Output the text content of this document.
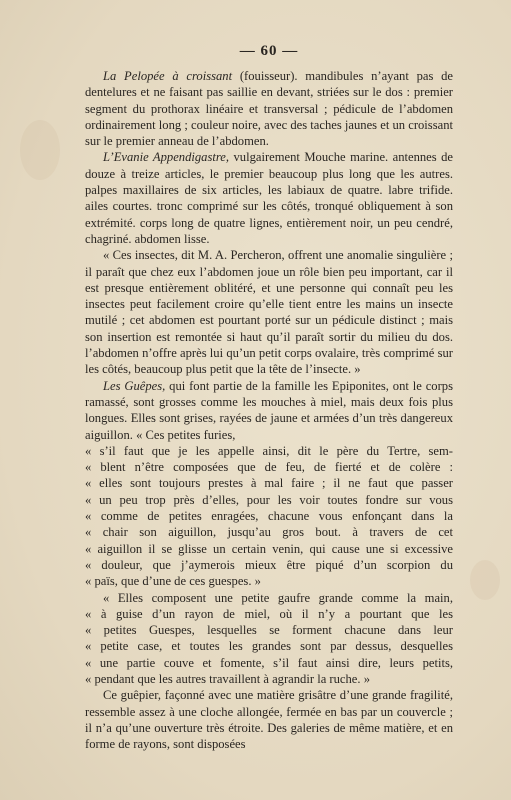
— 60 —

La Pelopée à croissant (fouisseur). mandibules n’ayant pas de dentelures et ne faisant pas saillie en devant, striées sur le dos : premier segment du prothorax linéaire et transversal ; pédicule de l’abdomen ordinairement long ; couleur noire, avec des taches jaunes et un croissant sur le premier anneau de l’abdomen.

L’Evanie Appendigastre, vulgairement Mouche marine. antennes de douze à treize articles, le premier beaucoup plus long que les autres. palpes maxillaires de six articles, les labiaux de quatre. labre trifide. ailes courtes. tronc comprimé sur les côtés, tronqué obliquement à son extrémité. corps long de quatre lignes, entièrement noir, un peu cendré, chagriné. abdomen lisse.

« Ces insectes, dit M. A. Percheron, offrent une anomalie singulière ; il paraît que chez eux l’abdomen joue un rôle bien peu important, car il est presque entièrement oblitéré, et une personne qui connaît peu les insectes peut facilement croire qu’elle tient entre les mains un insecte mutilé ; cet abdomen est pourtant porté sur un pédicule distinct ; mais son insertion est remontée si haut qu’il paraît sortir du milieu du dos. l’abdomen n’offre après lui qu’un petit corps ovalaire, très comprimé sur les côtés, beaucoup plus petit que la tête de l’insecte. »

Les Guêpes, qui font partie de la famille les Epiponites, ont le corps ramassé, sont grosses comme les mouches à miel, mais deux fois plus longues. Elles sont grises, rayées de jaune et armées d’un très dangereux aiguillon. « Ces petites furies,

« s’il faut que je les appelle ainsi, dit le père du Tertre, sem-

« blent n’être composées que de feu, de fierté et de colère :

« elles sont toujours prestes à mal faire ; il ne faut que passer

« un peu trop près d’elles, pour les voir toutes fondre sur vous

« comme de petites enragées, chacune vous enfonçant dans la

« chair son aiguillon, jusqu’au gros bout. à travers de cet

« aiguillon il se glisse un certain venin, qui cause une si excessive

« douleur, que j’aymerois mieux être piqué d’un scorpion du

« païs, que d’une de ces guespes. »

« Elles composent une petite gaufre grande comme la main,

« à guise d’un rayon de miel, où il n’y a pourtant que les

« petites Guespes, lesquelles se forment chacune dans leur

« petite case, et toutes les grandes sont par dessus, desquelles

« une partie couve et fomente, s’il faut ainsi dire, leurs petits,

« pendant que les autres travaillent à agrandir la ruche. »

Ce guêpier, façonné avec une matière grisâtre d’une grande fragilité, ressemble assez à une cloche allongée, fermée en bas par un couvercle ; il n’a qu’une ouverture très étroite. Des galeries de même matière, et en forme de rayons, sont disposées
